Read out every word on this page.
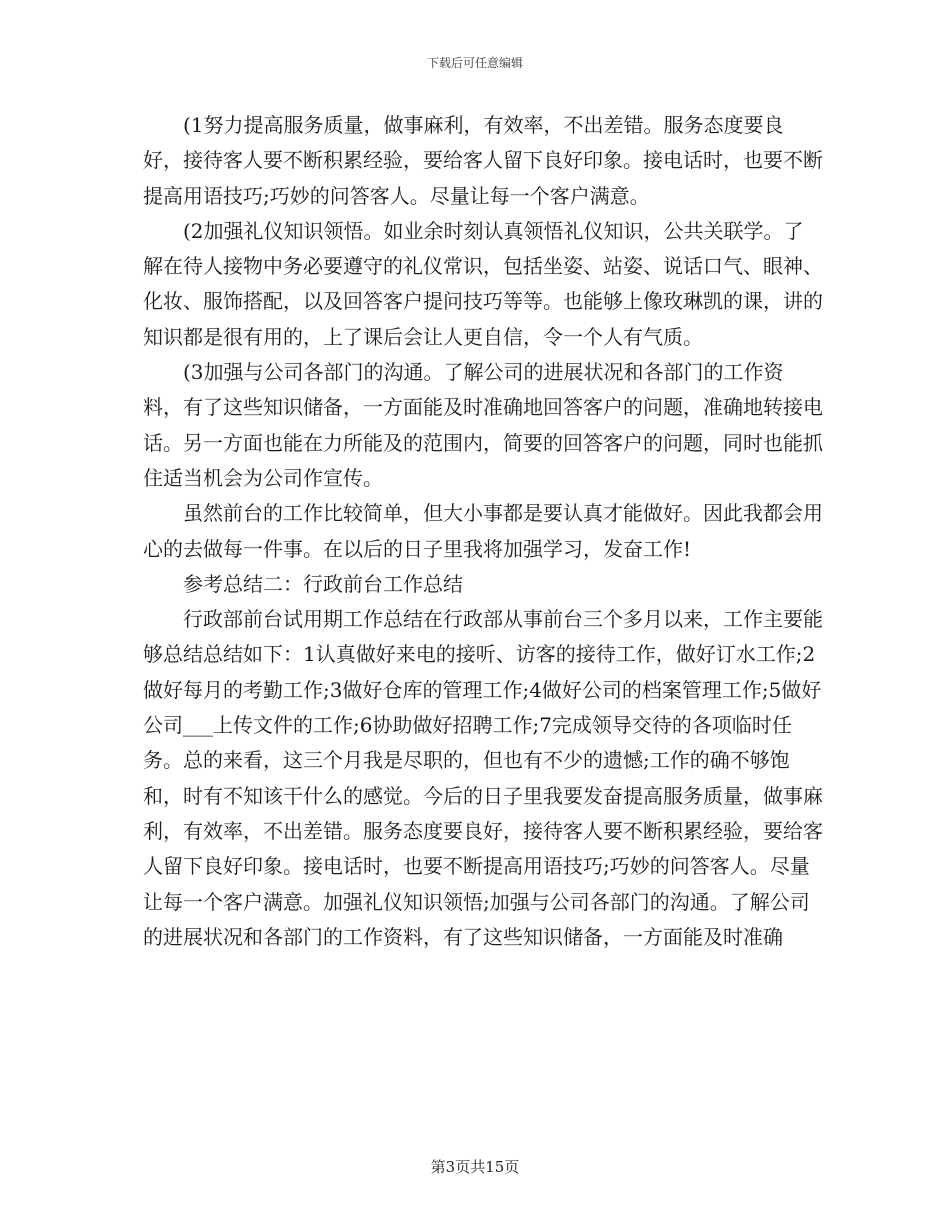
下载后可任意编辑

(1努力提高服务质量，做事麻利，有效率，不出差错。服务态度要良好，接待客人要不断积累经验，要给客人留下良好印象。接电话时，也要不断提高用语技巧;巧妙的问答客人。尽量让每一个客户满意。

(2加强礼仪知识领悟。如业余时刻认真领悟礼仪知识，公共关联学。了解在待人接物中务必要遵守的礼仪常识，包括坐姿、站姿、说话口气、眼神、化妆、服饰搭配，以及回答客户提问技巧等等。也能够上像玫琳凯的课，讲的知识都是很有用的，上了课后会让人更自信，令一个人有气质。

(3加强与公司各部门的沟通。了解公司的进展状况和各部门的工作资料，有了这些知识储备，一方面能及时准确地回答客户的问题，准确地转接电话。另一方面也能在力所能及的范围内，简要的回答客户的问题，同时也能抓住适当机会为公司作宣传。

虽然前台的工作比较简单，但大小事都是要认真才能做好。因此我都会用心的去做每一件事。在以后的日子里我将加强学习，发奋工作!

参考总结二：行政前台工作总结

行政部前台试用期工作总结在行政部从事前台三个多月以来，工作主要能够总结总结如下：1认真做好来电的接听、访客的接待工作，做好订水工作;2做好每月的考勤工作;3做好仓库的管理工作;4做好公司的档案管理工作;5做好公司___上传文件的工作;6协助做好招聘工作;7完成领导交待的各项临时任务。总的来看，这三个月我是尽职的，但也有不少的遗憾;工作的确不够饱和，时有不知该干什么的感觉。今后的日子里我要发奋提高服务质量，做事麻利，有效率，不出差错。服务态度要良好，接待客人要不断积累经验，要给客人留下良好印象。接电话时，也要不断提高用语技巧;巧妙的问答客人。尽量让每一个客户满意。加强礼仪知识领悟;加强与公司各部门的沟通。了解公司的进展状况和各部门的工作资料，有了这些知识储备，一方面能及时准确

第3页共15页
